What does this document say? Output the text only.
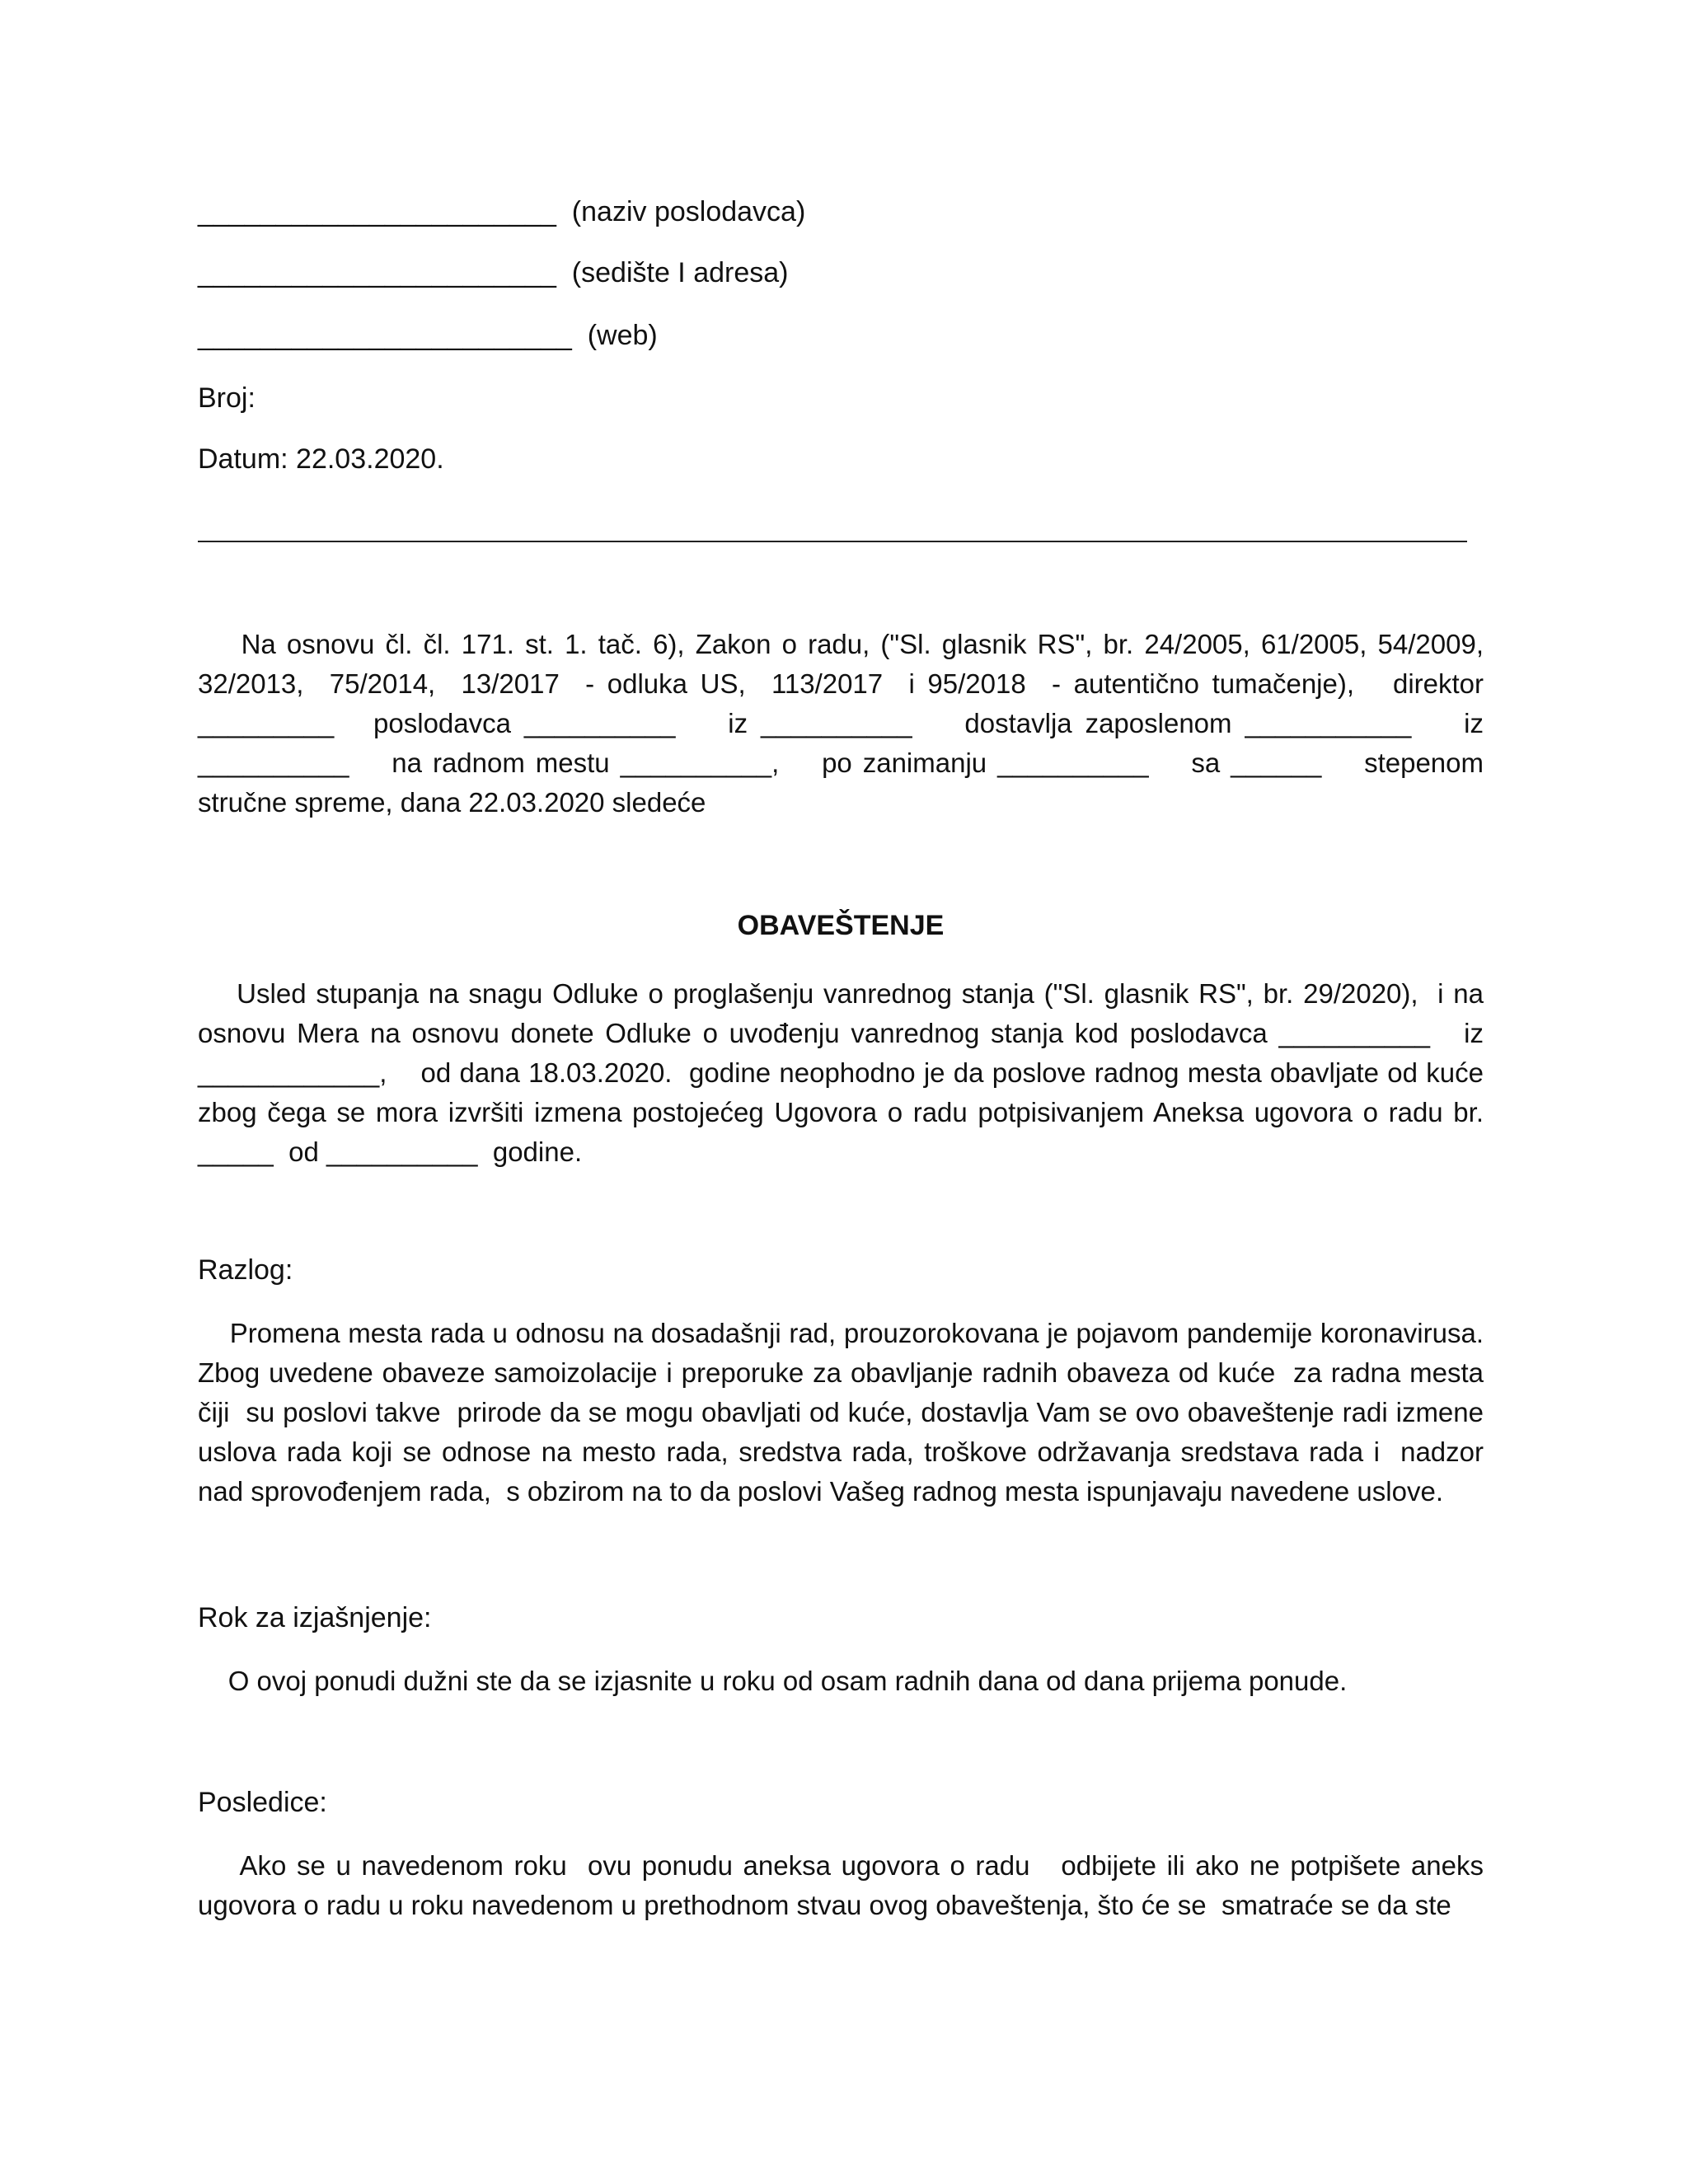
_______________________  (naziv poslodavca)
_______________________  (sedište I adresa)
________________________  (web)
Broj:
Datum: 22.03.2020.

Na osnovu čl. čl. 171. st. 1. tač. 6), Zakon o radu, ("Sl. glasnik RS", br. 24/2005, 61/2005, 54/2009, 32/2013,  75/2014,  13/2017  - odluka US,  113/2017  i 95/2018  - autentično tumačenje),   direktor _________   poslodavca __________    iz __________    dostavlja zaposlenom ___________    iz __________    na radnom mestu __________,    po zanimanju __________    sa ______    stepenom stručne spreme, dana 22.03.2020 sledeće

OBAVEŠTENJE

Usled stupanja na snagu Odluke o proglašenju vanrednog stanja ("Sl. glasnik RS", br. 29/2020),  i na osnovu Mera na osnovu donete Odluke o uvođenju vanrednog stanja kod poslodavca __________   iz ____________,    od dana 18.03.2020.  godine neophodno je da poslove radnog mesta obavljate od kuće   zbog čega se mora izvršiti izmena postojećeg Ugovora o radu potpisivanjem Aneksa ugovora o radu br. _____  od __________  godine.

Razlog:

Promena mesta rada u odnosu na dosadašnji rad, prouzorokovana je pojavom pandemije koronavirusa. Zbog uvedene obaveze samoizolacije i preporuke za obavljanje radnih obaveza od kuće  za radna mesta čiji  su poslovi takve  prirode da se mogu obavljati od kuće, dostavlja Vam se ovo obaveštenje radi izmene uslova rada koji se odnose na mesto rada, sredstva rada, troškove održavanja sredstava rada i  nadzor nad sprovođenjem rada,  s obzirom na to da poslovi Vašeg radnog mesta ispunjavaju navedene uslove.

Rok za izjašnjenje:

O ovoj ponudi dužni ste da se izjasnite u roku od osam radnih dana od dana prijema ponude.

Posledice:

Ako se u navedenom roku  ovu ponudu aneksa ugovora o radu   odbijete ili ako ne potpišete aneks ugovora o radu u roku navedenom u prethodnom stvau ovog obaveštenja, što će se  smatraće se da ste
